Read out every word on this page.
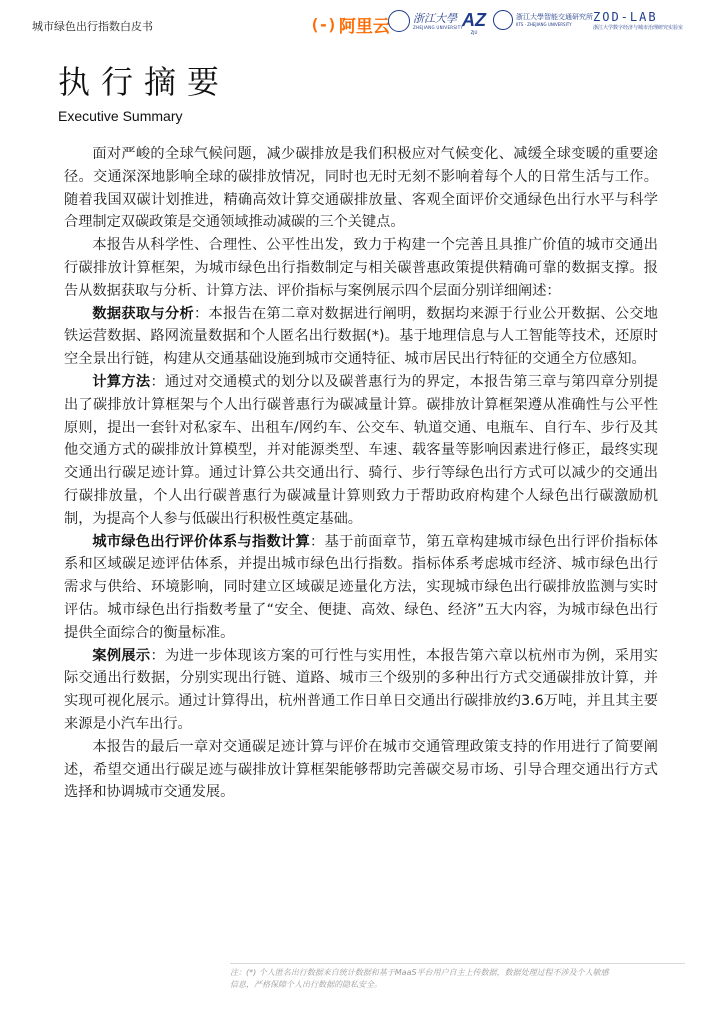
城市绿色出行指数白皮书	(-) 阿里云 浙江大學
ZHEJIANG UNIVERSITY
AZ
ZJU
浙江大學智能交通研究所
IITS · ZHEJIANG UNIVERSITY
ZOD-LAB
浙江大学数字经济与城市治理研究实验室
执行摘要
Executive Summary

面对严峻的全球气候问题，减少碳排放是我们积极应对气候变化、减缓全球变暖的重要途径。交通深深地影响全球的碳排放情况，同时也无时无刻不影响着每个人的日常生活与工作。随着我国双碳计划推进，精确高效计算交通碳排放量、客观全面评价交通绿色出行水平与科学合理制定双碳政策是交通领域推动减碳的三个关键点。

本报告从科学性、合理性、公平性出发，致力于构建一个完善且具推广价值的城市交通出行碳排放计算框架，为城市绿色出行指数制定与相关碳普惠政策提供精确可靠的数据支撑。报告从数据获取与分析、计算方法、评价指标与案例展示四个层面分别详细阐述：

数据获取与分析：本报告在第二章对数据进行阐明，数据均来源于行业公开数据、公交地铁运营数据、路网流量数据和个人匿名出行数据(*)。基于地理信息与人工智能等技术，还原时空全景出行链，构建从交通基础设施到城市交通特征、城市居民出行特征的交通全方位感知。

计算方法：通过对交通模式的划分以及碳普惠行为的界定，本报告第三章与第四章分别提出了碳排放计算框架与个人出行碳普惠行为碳减量计算。碳排放计算框架遵从准确性与公平性原则，提出一套针对私家车、出租车/网约车、公交车、轨道交通、电瓶车、自行车、步行及其他交通方式的碳排放计算模型，并对能源类型、车速、载客量等影响因素进行修正，最终实现交通出行碳足迹计算。通过计算公共交通出行、骑行、步行等绿色出行方式可以减少的交通出行碳排放量，个人出行碳普惠行为碳减量计算则致力于帮助政府构建个人绿色出行碳激励机制，为提高个人参与低碳出行积极性奠定基础。

城市绿色出行评价体系与指数计算：基于前面章节，第五章构建城市绿色出行评价指标体系和区域碳足迹评估体系，并提出城市绿色出行指数。指标体系考虑城市经济、城市绿色出行需求与供给、环境影响，同时建立区域碳足迹量化方法，实现城市绿色出行碳排放监测与实时评估。城市绿色出行指数考量了“安全、便捷、高效、绿色、经济”五大内容，为城市绿色出行提供全面综合的衡量标准。

案例展示：为进一步体现该方案的可行性与实用性，本报告第六章以杭州市为例，采用实际交通出行数据，分别实现出行链、道路、城市三个级别的多种出行方式交通碳排放计算，并实现可视化展示。通过计算得出，杭州普通工作日单日交通出行碳排放约3.6万吨，并且其主要来源是小汽车出行。

本报告的最后一章对交通碳足迹计算与评价在城市交通管理政策支持的作用进行了简要阐述，希望交通出行碳足迹与碳排放计算框架能够帮助完善碳交易市场、引导合理交通出行方式选择和协调城市交通发展。

注：(*) 个人匿名出行数据来自统计数据和基于MaaS平台用户自主上传数据，数据处理过程不涉及个人敏感
信息，严格保障个人出行数据的隐私安全。
